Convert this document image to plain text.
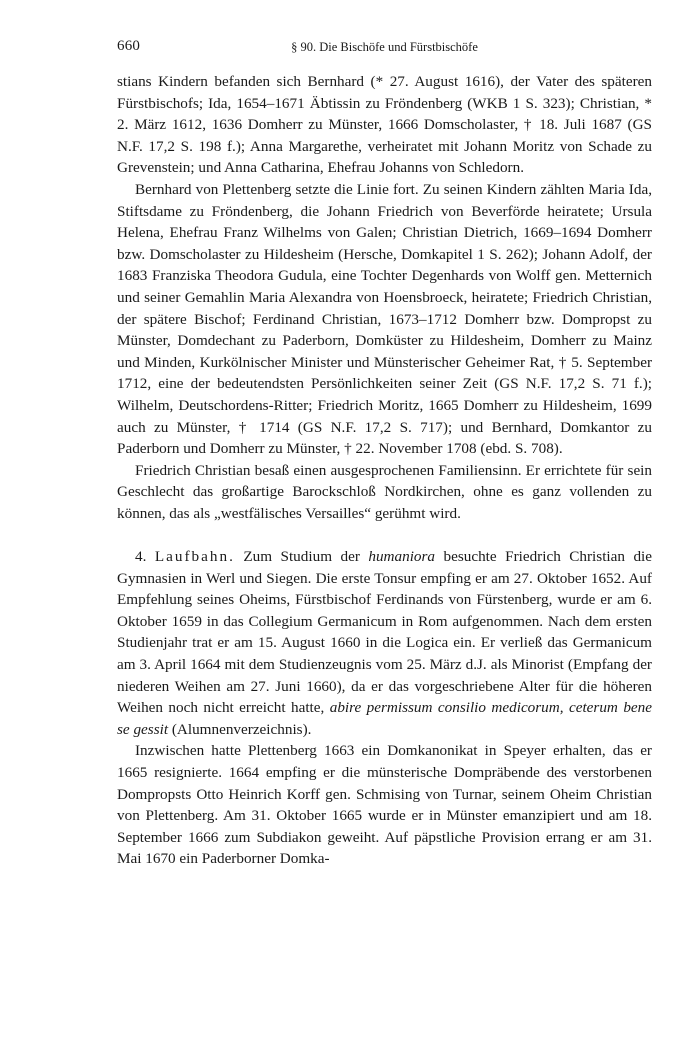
660	§ 90. Die Bischöfe und Fürstbischöfe

stians Kindern befanden sich Bernhard (* 27. August 1616), der Vater des späteren Fürstbischofs; Ida, 1654–1671 Äbtissin zu Fröndenberg (WKB 1 S. 323); Christian, * 2. März 1612, 1636 Domherr zu Münster, 1666 Domscholaster, † 18. Juli 1687 (GS N.F. 17,2 S. 198 f.); Anna Margarethe, verheiratet mit Johann Moritz von Schade zu Grevenstein; und Anna Catharina, Ehefrau Johanns von Schledorn.

Bernhard von Plettenberg setzte die Linie fort. Zu seinen Kindern zählten Maria Ida, Stiftsdame zu Fröndenberg, die Johann Friedrich von Beverförde heiratete; Ursula Helena, Ehefrau Franz Wilhelms von Galen; Christian Dietrich, 1669–1694 Domherr bzw. Domscholaster zu Hildesheim (Hersche, Domkapitel 1 S. 262); Johann Adolf, der 1683 Franziska Theodora Gudula, eine Tochter Degenhards von Wolff gen. Metternich und seiner Gemahlin Maria Alexandra von Hoensbroeck, heiratete; Friedrich Christian, der spätere Bischof; Ferdinand Christian, 1673–1712 Domherr bzw. Dompropst zu Münster, Domdechant zu Paderborn, Domküster zu Hildesheim, Domherr zu Mainz und Minden, Kurkölnischer Minister und Münsterischer Geheimer Rat, † 5. September 1712, eine der bedeutendsten Persönlichkeiten seiner Zeit (GS N.F. 17,2 S. 71 f.); Wilhelm, Deutschordens-Ritter; Friedrich Moritz, 1665 Domherr zu Hildesheim, 1699 auch zu Münster, † 1714 (GS N.F. 17,2 S. 717); und Bernhard, Domkantor zu Paderborn und Domherr zu Münster, † 22. November 1708 (ebd. S. 708).

Friedrich Christian besaß einen ausgesprochenen Familiensinn. Er errichtete für sein Geschlecht das großartige Barockschloß Nordkirchen, ohne es ganz vollenden zu können, das als „westfälisches Versailles“ gerühmt wird.

4. Laufbahn. Zum Studium der humaniora besuchte Friedrich Christian die Gymnasien in Werl und Siegen. Die erste Tonsur empfing er am 27. Oktober 1652. Auf Empfehlung seines Oheims, Fürstbischof Ferdinands von Fürstenberg, wurde er am 6. Oktober 1659 in das Collegium Germanicum in Rom aufgenommen. Nach dem ersten Studienjahr trat er am 15. August 1660 in die Logica ein. Er verließ das Germanicum am 3. April 1664 mit dem Studienzeugnis vom 25. März d.J. als Minorist (Empfang der niederen Weihen am 27. Juni 1660), da er das vorgeschriebene Alter für die höheren Weihen noch nicht erreicht hatte, abire permissum consilio medicorum, ceterum bene se gessit (Alumnenverzeichnis).

Inzwischen hatte Plettenberg 1663 ein Domkanonikat in Speyer erhalten, das er 1665 resignierte. 1664 empfing er die münsterische Dompräbende des verstorbenen Dompropsts Otto Heinrich Korff gen. Schmising von Turnar, seinem Oheim Christian von Plettenberg. Am 31. Oktober 1665 wurde er in Münster emanzipiert und am 18. September 1666 zum Subdiakon geweiht. Auf päpstliche Provision errang er am 31. Mai 1670 ein Paderborner Domka-
